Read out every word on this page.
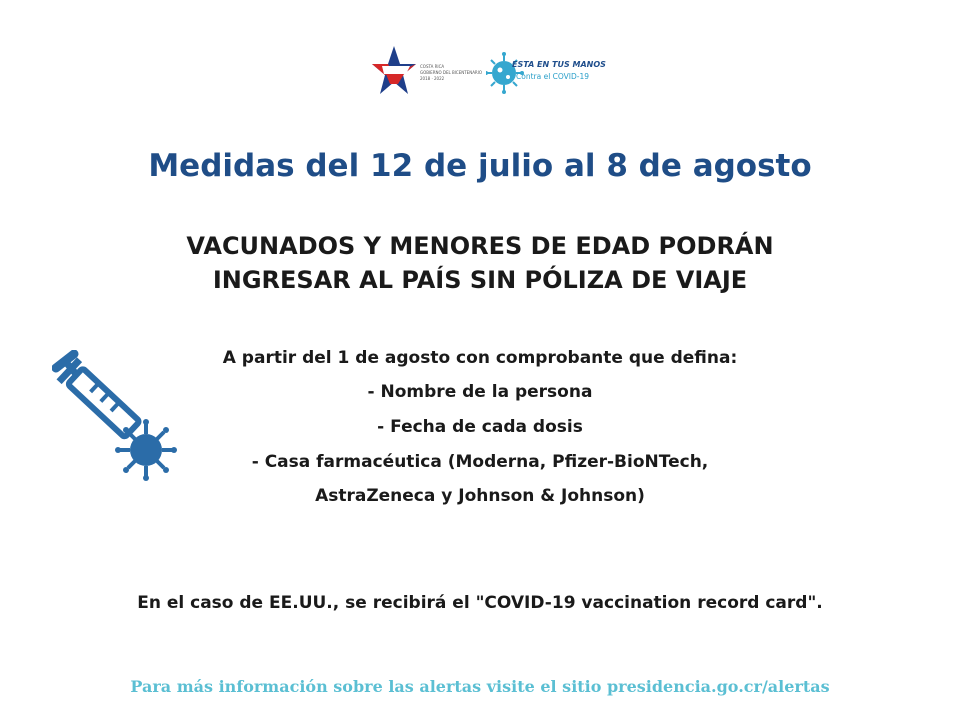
COSTA RICA
GOBIERNO DEL BICENTENARIO
2018 · 2022
ESTA EN TUS MANOS
Contra el COVID-19
Medidas del 12 de julio al 8 de agosto
VACUNADOS Y MENORES DE EDAD PODRÁN
INGRESAR AL PAÍS SIN PÓLIZA DE VIAJE
A partir del 1 de agosto con comprobante que defina:
- Nombre de la persona
- Fecha de cada dosis
- Casa farmacéutica (Moderna, Pfizer-BioNTech,
AstraZeneca y Johnson & Johnson)
En el caso de EE.UU., se recibirá el "COVID-19 vaccination record card".
Para más información sobre las alertas visite el sitio presidencia.go.cr/alertas
